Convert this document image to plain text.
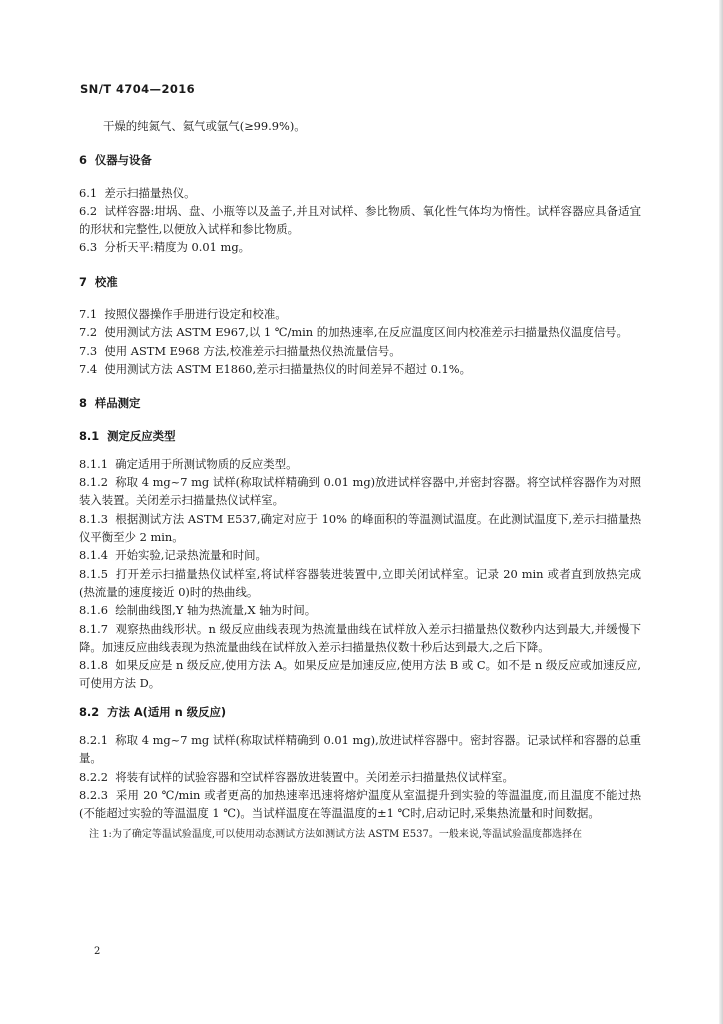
SN/T 4704—2016

干燥的纯氮气、氦气或氩气(≥99.9%)。

6  仪器与设备

6.1  差示扫描量热仪。

6.2  试样容器:坩埚、盘、小瓶等以及盖子,并且对试样、参比物质、氧化性气体均为惰性。试样容器应具备适宜的形状和完整性,以便放入试样和参比物质。

6.3  分析天平:精度为 0.01 mg。

7  校准

7.1  按照仪器操作手册进行设定和校准。

7.2  使用测试方法 ASTM E967,以 1 ℃/min 的加热速率,在反应温度区间内校准差示扫描量热仪温度信号。

7.3  使用 ASTM E968 方法,校准差示扫描量热仪热流量信号。

7.4  使用测试方法 ASTM E1860,差示扫描量热仪的时间差异不超过 0.1%。

8  样品测定
8.1  测定反应类型

8.1.1  确定适用于所测试物质的反应类型。

8.1.2  称取 4 mg~7 mg 试样(称取试样精确到 0.01 mg)放进试样容器中,并密封容器。将空试样容器作为对照装入装置。关闭差示扫描量热仪试样室。

8.1.3  根据测试方法 ASTM E537,确定对应于 10% 的峰面积的等温测试温度。在此测试温度下,差示扫描量热仪平衡至少 2 min。

8.1.4  开始实验,记录热流量和时间。

8.1.5  打开差示扫描量热仪试样室,将试样容器装进装置中,立即关闭试样室。记录 20 min 或者直到放热完成(热流量的速度接近 0)时的热曲线。

8.1.6  绘制曲线图,Y 轴为热流量,X 轴为时间。

8.1.7  观察热曲线形状。n 级反应曲线表现为热流量曲线在试样放入差示扫描量热仪数秒内达到最大,并缓慢下降。加速反应曲线表现为热流量曲线在试样放入差示扫描量热仪数十秒后达到最大,之后下降。

8.1.8  如果反应是 n 级反应,使用方法 A。如果反应是加速反应,使用方法 B 或 C。如不是 n 级反应或加速反应,可使用方法 D。

8.2  方法 A(适用 n 级反应)

8.2.1  称取 4 mg~7 mg 试样(称取试样精确到 0.01 mg),放进试样容器中。密封容器。记录试样和容器的总重量。

8.2.2  将装有试样的试验容器和空试样容器放进装置中。关闭差示扫描量热仪试样室。

8.2.3  采用 20 ℃/min 或者更高的加热速率迅速将熔炉温度从室温提升到实验的等温温度,而且温度不能过热(不能超过实验的等温温度 1 ℃)。当试样温度在等温温度的±1 ℃时,启动记时,采集热流量和时间数据。

注 1:为了确定等温试验温度,可以使用动态测试方法如测试方法 ASTM E537。一般来说,等温试验温度都选择在

2
